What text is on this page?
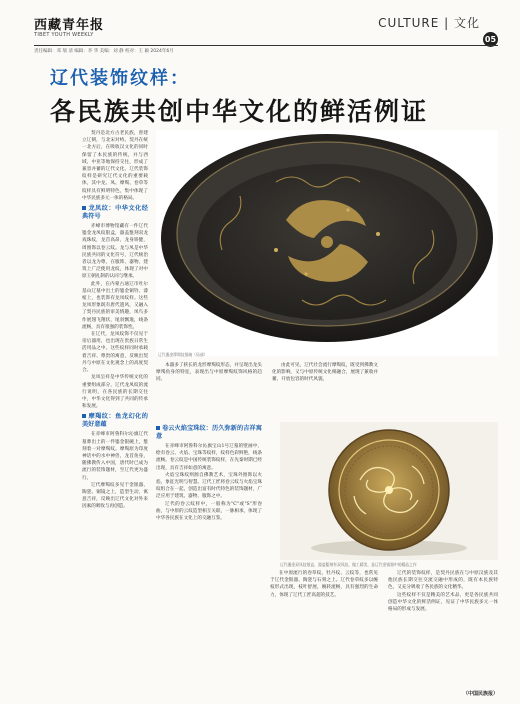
西藏青年报
TIBET YOUTH WEEKLY
CULTURE | 文化
05
责任编辑：邓 瑞 清 编辑：李 华 美编：刘 静 校对：王 颖 2024年6月
辽代装饰纹样：
各民族共创中华文化的鲜活例证

契丹是北方古老民族，曾建立辽朝，与北宋对峙。契丹在统一北方后，在吸收汉文化的同时保留了本民族的传统，并与西域、中亚等地保持交往，形成了兼容并蓄的辽代文化。辽代装饰纹样是研究辽代文化的重要载体，其中龙、凤、摩羯、卷草等纹样具有鲜明特色，集中体现了中华民族多元一体的格局。

龙凤纹：中华文化经典符号

赤峰市博物馆藏有一件辽代鎏金龙凤纹银盒，器盖錾刻双龙戏珠纹，龙首高昂，龙身矫健，周围饰以卷云纹。龙与凤是中华民族共同的文化符号，辽代统治者以龙为尊，在服饰、器物、建筑上广泛使用龙纹，体现了对中原王朝礼制的认同与继承。

此外，在内蒙古通辽市吐尔基山辽墓中出土的鎏金铜铃、漆棺上，也装饰有龙凤纹样。这些龙凤形象既有唐代遗风，又融入了契丹民族的审美情趣，凤鸟多作展翅飞翔状，尾羽飘逸，线条流畅，具有很强的装饰性。

在辽代，龙凤纹饰不仅见于帝后器用，也出现在贵族日常生活用品之中。这些纹样同时承载着吉祥、尊贵的寓意，反映出契丹与中原在文化观念上的高度契合。

龙凤呈祥是中华传统文化的重要组成部分，辽代龙凤纹的流行说明，在各民族的长期交往中，中华文化得到了共同的传承和发展。

摩羯纹：鱼龙幻化的美好意蕴

在赤峰市阿鲁科尔沁旗辽代墓葬出土的一件鎏金银碗上，錾刻着一对摩羯纹。摩羯原为印度神话中的水中神兽，龙首鱼身，随佛教传入中国，唐代时已成为流行的装饰题材，至辽代更为盛行。

辽代摩羯纹多见于金银器、陶瓷、铜镜之上，造型生动，寓意吉祥，反映出辽代文化对外来因素的吸收与再创造。

本器多了狭长的龙形摩羯纹形态，并呈现出龙头摩羯鱼身的特征，表现出与中原摩羯纹饰风格的趋同。

由此可见，辽代社会流行摩羯纹，既受到佛教文化的影响，又与中原传统文化相融合，展现了兼收并蓄、开放包容的时代风貌。

卷云火焰宝珠纹：历久弥新的吉祥寓意

在赤峰市阿鲁科尔沁旗宝山1号辽墓的壁画中，绘有卷云、火焰、宝珠等纹样，纹样色彩鲜艳，线条流畅。卷云纹是中国传统装饰纹样，在先秦时期已经出现，具有吉祥如意的寓意。

火焰宝珠纹则源自佛教艺术，宝珠外围饰以火焰，象征光明与智慧。辽代工匠将卷云纹与火焰宝珠纹组合在一起，创造出富有时代特色的装饰题材，广泛应用于建筑、器物、服饰之中。

辽代的卷云纹样中，一般称为"C"或"S"形卷曲，与中原的云纹造型相互关联，一脉相承，体现了中华各民族在文化上的交融互鉴。

在中原流行的卷草纹、牡丹纹、云纹等，也常见于辽代金银器、陶瓷与石刻之上。辽代卷草纹多以缠枝形式出现，枝叶舒展，婉转流畅，具有强烈的生命力，体现了辽代工匠高超的技艺。

辽代的装饰纹样，是契丹民族在与中原汉族及其他民族长期交往交流交融中形成的，既有本民族特色，又充分吸收了各民族的文化精华。

这些纹样不仅是精美的艺术品，更是各民族共同创造中华文化的鲜活例证，见证了中华民族多元一体格局的形成与发展。

辽代鎏金摩羯纹银碗（局部）
辽代鎏金双凤纹银盒，器盖錾刻有双凤纹，做工精美，是辽代金银器中的精品之作
（中国民族报）
